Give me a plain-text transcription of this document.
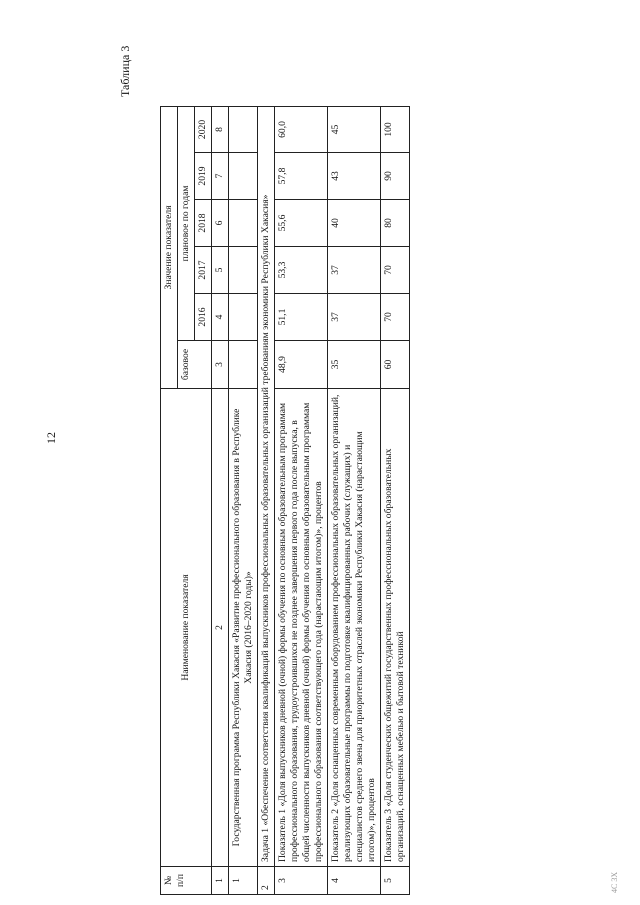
12
Таблица 3
№ п/п	Наименование показателя	Значение показателя					
		базовое	плановое по годам				
			2016	2017	2018	2019	2020
1	2	3	4	5	6	7	8
1	Государственная программа Республики Хакасия «Развитие профессионального образования в Республике Хакасия (2016–2020 годы)»						
2	Задача 1 «Обеспечение соответствия квалификаций выпускников профессиональных образовательных организаций требованиям экономики Республики Хакасия»						
3	Показатель 1 «Доля выпускников дневной (очной) формы обучения по основным образовательным программам профессионального образования, трудоустроившихся не позднее завершения первого года после выпуска, в общей численности выпускников дневной (очной) формы обучения по основным образовательным программам профессионального образования соответствующего года (нарастающим итогом)», процентов	48,9	51,1	53,3	55,6	57,8	60,0
4	Показатель 2 «Доля оснащенных современным оборудованием профессиональных образовательных организаций, реализующих образовательные программы по подготовке квалифицированных рабочих (служащих) и специалистов среднего звена для приоритетных отраслей экономики Республики Хакасия (нарастающим итогом)», процентов	35	37	37	40	43	45
5	Показатель 3 «Доля студенческих общежитий государственных профессиональных образовательных организаций, оснащенных мебелью и бытовой техникой	60	70	70	80	90	100
4С 3Х
